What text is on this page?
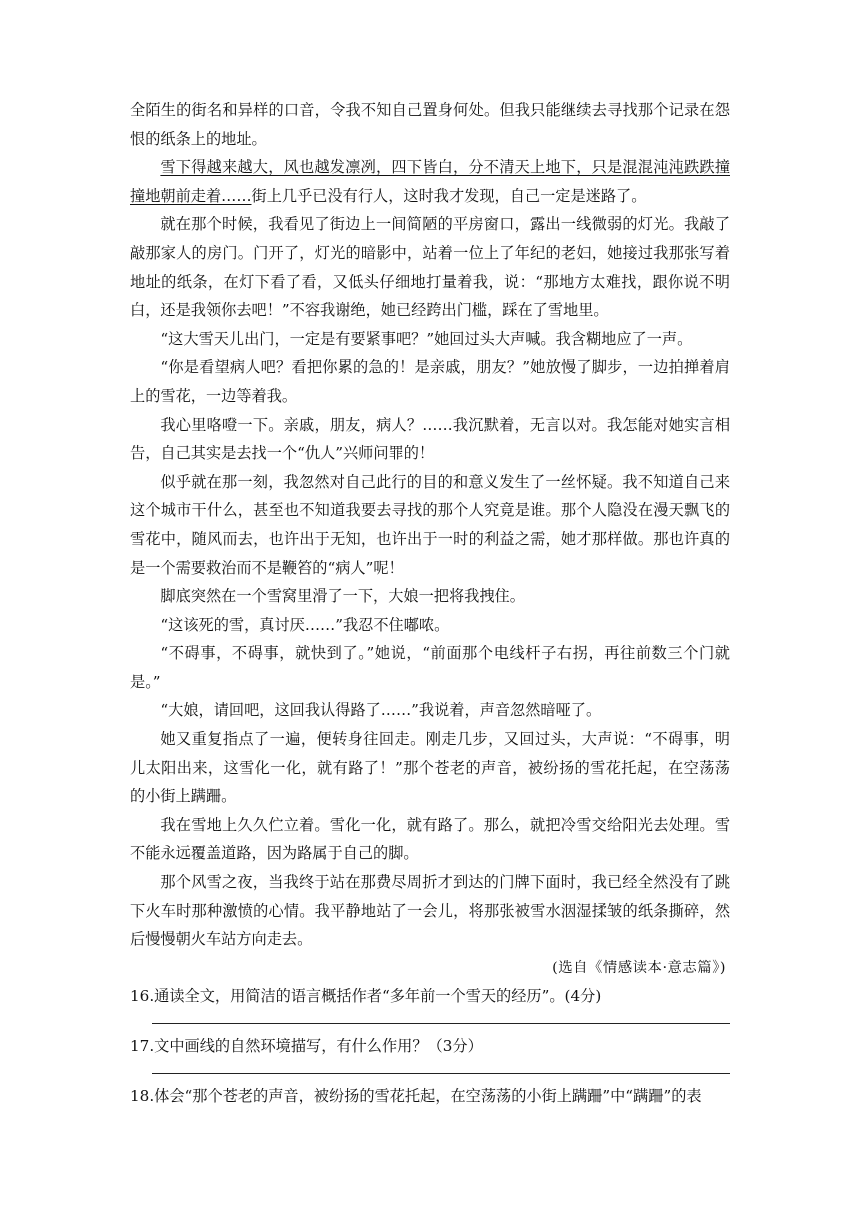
全陌生的街名和异样的口音，令我不知自己置身何处。但我只能继续去寻找那个记录在怨恨的纸条上的地址。

雪下得越来越大，风也越发凛冽，四下皆白，分不清天上地下，只是混混沌沌跌跌撞撞地朝前走着……街上几乎已没有行人，这时我才发现，自己一定是迷路了。

就在那个时候，我看见了街边上一间简陋的平房窗口，露出一线微弱的灯光。我敲了敲那家人的房门。门开了，灯光的暗影中，站着一位上了年纪的老妇，她接过我那张写着地址的纸条，在灯下看了看，又低头仔细地打量着我，说：“那地方太难找，跟你说不明白，还是我领你去吧！”不容我谢绝，她已经跨出门槛，踩在了雪地里。

“这大雪天儿出门，一定是有要紧事吧？”她回过头大声喊。我含糊地应了一声。

“你是看望病人吧？看把你累的急的！是亲戚，朋友？”她放慢了脚步，一边拍掸着肩上的雪花，一边等着我。

我心里咯噔一下。亲戚，朋友，病人？……我沉默着，无言以对。我怎能对她实言相告，自己其实是去找一个“仇人”兴师问罪的！

似乎就在那一刻，我忽然对自己此行的目的和意义发生了一丝怀疑。我不知道自己来这个城市干什么，甚至也不知道我要去寻找的那个人究竟是谁。那个人隐没在漫天飘飞的雪花中，随风而去，也许出于无知，也许出于一时的利益之需，她才那样做。那也许真的是一个需要救治而不是鞭笞的“病人”呢！

脚底突然在一个雪窝里滑了一下，大娘一把将我拽住。

“这该死的雪，真讨厌……”我忍不住嘟哝。

“不碍事，不碍事，就快到了。”她说，“前面那个电线杆子右拐，再往前数三个门就是。”

“大娘，请回吧，这回我认得路了……”我说着，声音忽然暗哑了。

她又重复指点了一遍，便转身往回走。刚走几步，又回过头，大声说：“不碍事，明儿太阳出来，这雪化一化，就有路了！”那个苍老的声音，被纷扬的雪花托起，在空荡荡的小街上蹒跚。

我在雪地上久久伫立着。雪化一化，就有路了。那么，就把冷雪交给阳光去处理。雪不能永远覆盖道路，因为路属于自己的脚。

那个风雪之夜，当我终于站在那费尽周折才到达的门牌下面时，我已经全然没有了跳下火车时那种激愤的心情。我平静地站了一会儿，将那张被雪水洇湿揉皱的纸条撕碎，然后慢慢朝火车站方向走去。

(选自《情感读本·意志篇》)

16.通读全文，用简洁的语言概括作者“多年前一个雪天的经历”。(4分)

17.文中画线的自然环境描写，有什么作用？（3分）

18.体会“那个苍老的声音，被纷扬的雪花托起，在空荡荡的小街上蹒跚”中“蹒跚”的表
